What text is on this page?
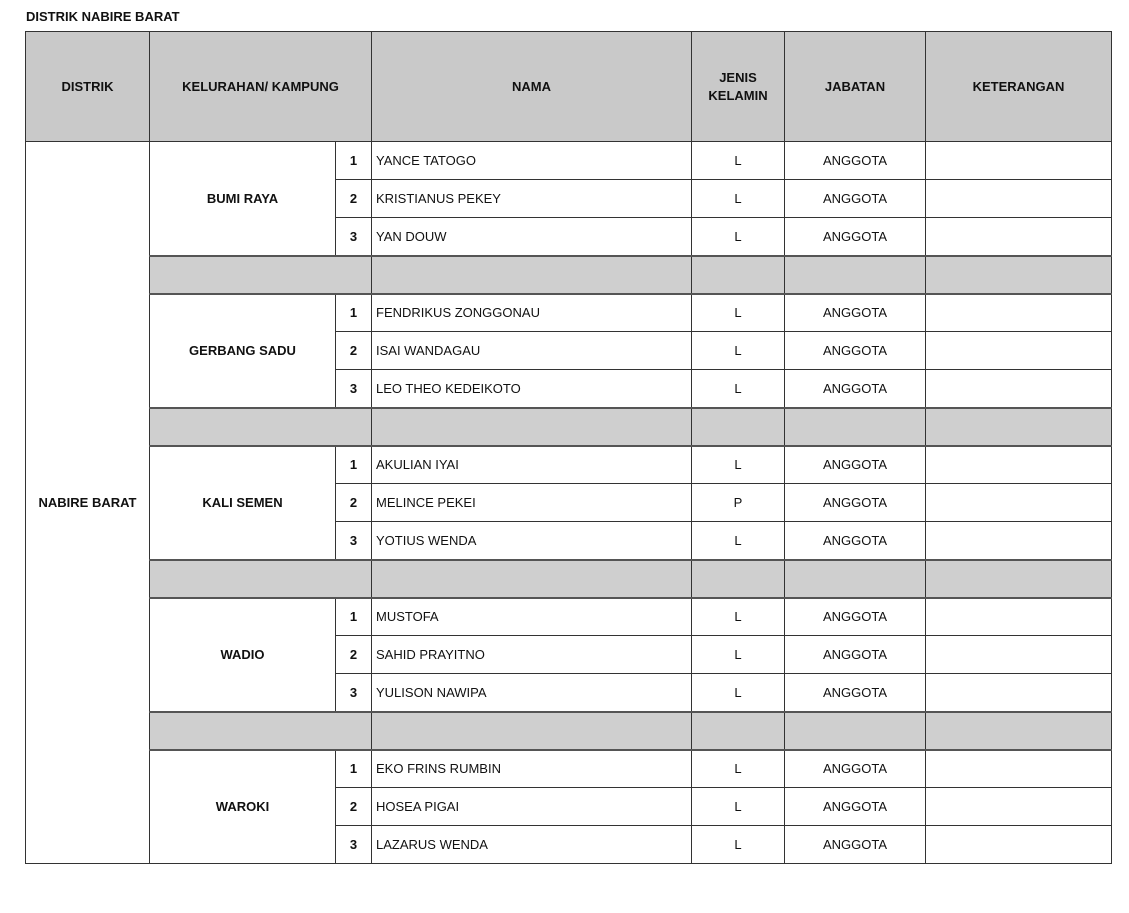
DISTRIK NABIRE BARAT
DISTRIK	KELURAHAN/ KAMPUNG		NAMA	JENIS KELAMIN	JABATAN	KETERANGAN	
NABIRE BARAT	BUMI RAYA	1	YANCE TATOGO	L	ANGGOTA		
		2	KRISTIANUS PEKEY	L	ANGGOTA		
		3	YAN DOUW	L	ANGGOTA		

	GERBANG SADU	1	FENDRIKUS ZONGGONAU	L	ANGGOTA		
		2	ISAI WANDAGAU	L	ANGGOTA		
		3	LEO THEO KEDEIKOTO	L	ANGGOTA		

	KALI SEMEN	1	AKULIAN IYAI	L	ANGGOTA		
		2	MELINCE PEKEI	P	ANGGOTA		
		3	YOTIUS WENDA	L	ANGGOTA		

	WADIO	1	MUSTOFA	L	ANGGOTA		
		2	SAHID PRAYITNO	L	ANGGOTA		
		3	YULISON NAWIPA	L	ANGGOTA		

	WAROKI	1	EKO FRINS RUMBIN	L	ANGGOTA		
		2	HOSEA PIGAI	L	ANGGOTA		
		3	LAZARUS WENDA	L	ANGGOTA		
